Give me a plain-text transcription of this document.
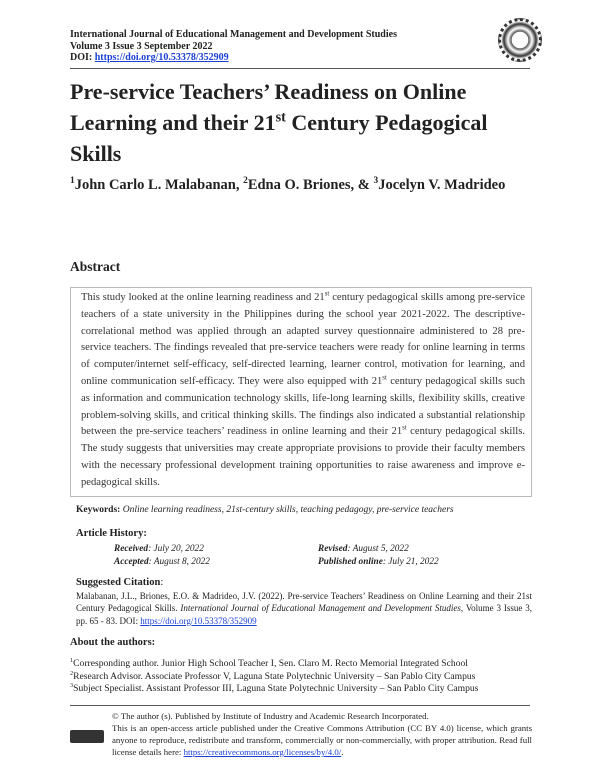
International Journal of Educational Management and Development Studies
Volume 3 Issue 3 September 2022
DOI: https://doi.org/10.53378/352909
Pre-service Teachers’ Readiness on Online
Learning and their 21st Century Pedagogical
Skills
$^1$John Carlo L. Malabanan, $^2$Edna O. Briones, & $^3$Jocelyn V. Madrideo
Abstract
This study looked at the online learning readiness and 21st century pedagogical skills among pre-service teachers of a state university in the Philippines during the school year 2021-2022. The descriptive-correlational method was applied through an adapted survey questionnaire administered to 28 pre-service teachers. The findings revealed that pre-service teachers were ready for online learning in terms of computer/internet self-efficacy, self-directed learning, learner control, motivation for learning, and online communication self-efficacy. They were also equipped with 21st century pedagogical skills such as information and communication technology skills, life-long learning skills, flexibility skills, creative problem-solving skills, and critical thinking skills. The findings also indicated a substantial relationship between the pre-service teachers’ readiness in online learning and their 21st century pedagogical skills. The study suggests that universities may create appropriate provisions to provide their faculty members with the necessary professional development training opportunities to raise awareness and improve e-pedagogical skills.
Keywords: Online learning readiness, 21st-century skills, teaching pedagogy, pre-service teachers
Article History:
Received: July 20, 2022
Accepted: August 8, 2022
Revised: August 5, 2022
Published online: July 21, 2022
Suggested Citation:
Malabanan, J.L., Briones, E.O. & Madrideo, J.V. (2022). Pre-service Teachers’ Readiness on Online Learning and their 21st Century Pedagogical Skills. International Journal of Educational Management and Development Studies, Volume 3 Issue 3, pp. 65 - 83. DOI: https://doi.org/10.53378/352909
About the authors:
$^1$Corresponding author. Junior High School Teacher I, Sen. Claro M. Recto Memorial Integrated School
$^2$Research Advisor. Associate Professor V, Laguna State Polytechnic University – San Pablo City Campus
$^3$Subject Specialist. Assistant Professor III, Laguna State Polytechnic University – San Pablo City Campus
© The author (s). Published by Institute of Industry and Academic Research Incorporated.
This is an open-access article published under the Creative Commons Attribution (CC BY 4.0) license, which grants anyone to reproduce, redistribute and transform, commercially or non-commercially, with proper attribution. Read full license details here: https://creativecommons.org/licenses/by/4.0/.
